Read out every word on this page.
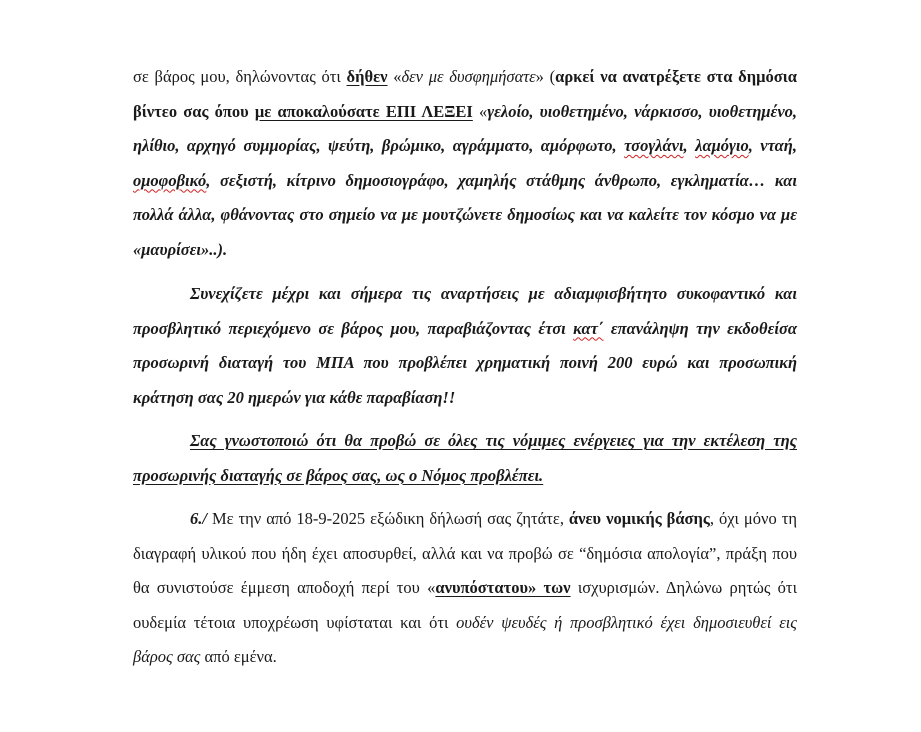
σε βάρος μου, δηλώνοντας ότι δήθεν «δεν με δυσφημήσατε» (αρκεί να ανατρέξετε στα δημόσια βίντεο σας όπου με αποκαλούσατε ΕΠΙ ΛΕΞΕΙ «γελοίο, υιοθετημένο, νάρκισσο, υιοθετημένο, ηλίθιο, αρχηγό συμμορίας, ψεύτη, βρώμικο, αγράμματο, αμόρφωτο, τσογλάνι, λαμόγιο, νταή, ομοφοβικό, σεξιστή, κίτρινο δημοσιογράφο, χαμηλής στάθμης άνθρωπο, εγκληματία… και πολλά άλλα, φθάνοντας στο σημείο να με μουτζώνετε δημοσίως και να καλείτε τον κόσμο να με «μαυρίσει»..).

Συνεχίζετε μέχρι και σήμερα τις αναρτήσεις με αδιαμφισβήτητο συκοφαντικό και προσβλητικό περιεχόμενο σε βάρος μου, παραβιάζοντας έτσι κατ΄ επανάληψη την εκδοθείσα προσωρινή διαταγή του ΜΠΑ που προβλέπει χρηματική ποινή 200 ευρώ και προσωπική κράτηση σας 20 ημερών για κάθε παραβίαση!!

Σας γνωστοποιώ ότι θα προβώ σε όλες τις νόμιμες ενέργειες για την εκτέλεση της προσωρινής διαταγής σε βάρος σας, ως ο Νόμος προβλέπει.

6./ Με την από 18-9-2025 εξώδικη δήλωσή σας ζητάτε, άνευ νομικής βάσης, όχι μόνο τη διαγραφή υλικού που ήδη έχει αποσυρθεί, αλλά και να προβώ σε “δημόσια απολογία”, πράξη που θα συνιστούσε έμμεση αποδοχή περί του «ανυπόστατου» των ισχυρισμών. Δηλώνω ρητώς ότι ουδεμία τέτοια υποχρέωση υφίσταται και ότι ουδέν ψευδές ή προσβλητικό έχει δημοσιευθεί εις βάρος σας από εμένα.
